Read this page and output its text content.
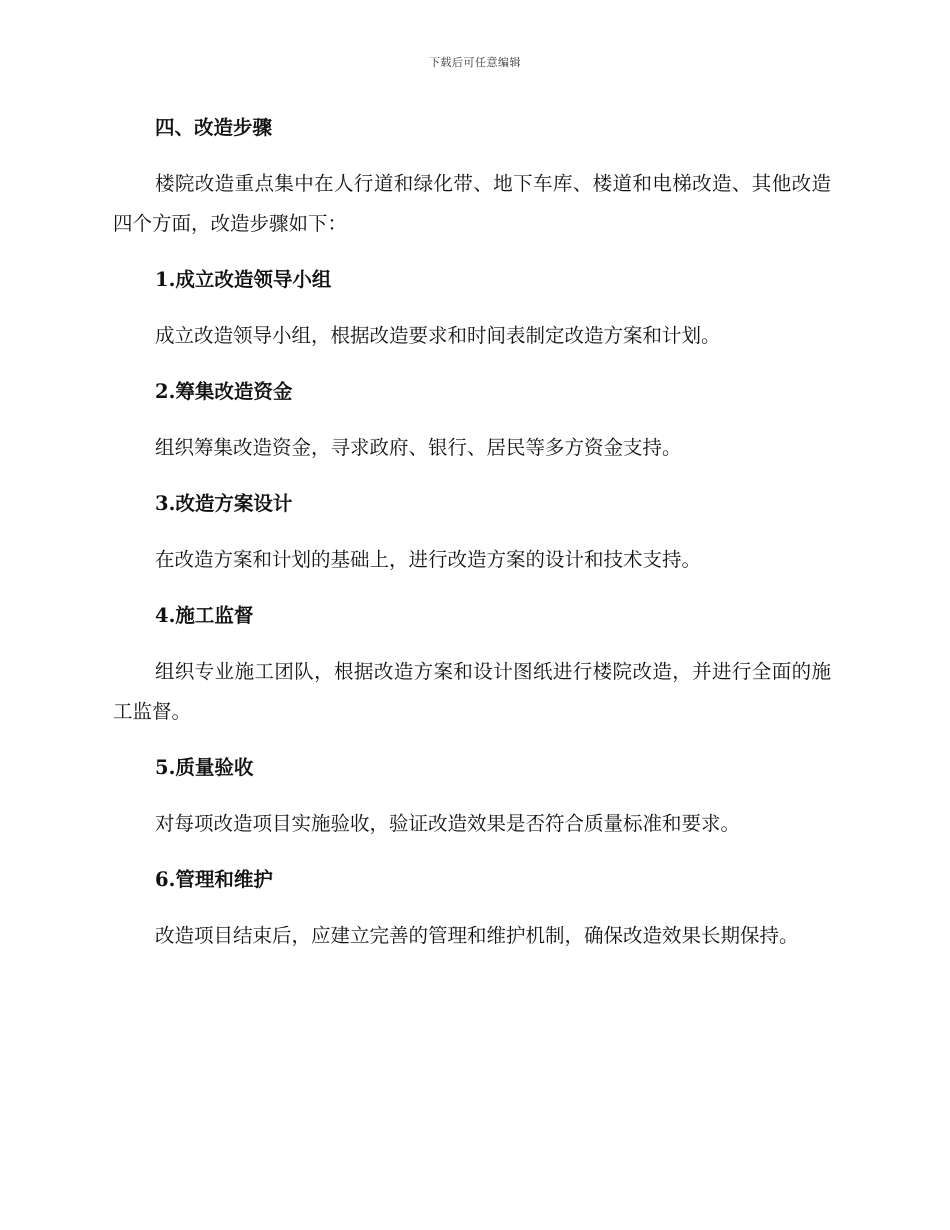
下载后可任意编辑
四、改造步骤
楼院改造重点集中在人行道和绿化带、地下车库、楼道和电梯改造、其他改造四个方面，改造步骤如下：
1.成立改造领导小组
成立改造领导小组，根据改造要求和时间表制定改造方案和计划。
2.筹集改造资金
组织筹集改造资金，寻求政府、银行、居民等多方资金支持。
3.改造方案设计
在改造方案和计划的基础上，进行改造方案的设计和技术支持。
4.施工监督
组织专业施工团队，根据改造方案和设计图纸进行楼院改造，并进行全面的施工监督。
5.质量验收
对每项改造项目实施验收，验证改造效果是否符合质量标准和要求。
6.管理和维护
改造项目结束后，应建立完善的管理和维护机制，确保改造效果长期保持。
